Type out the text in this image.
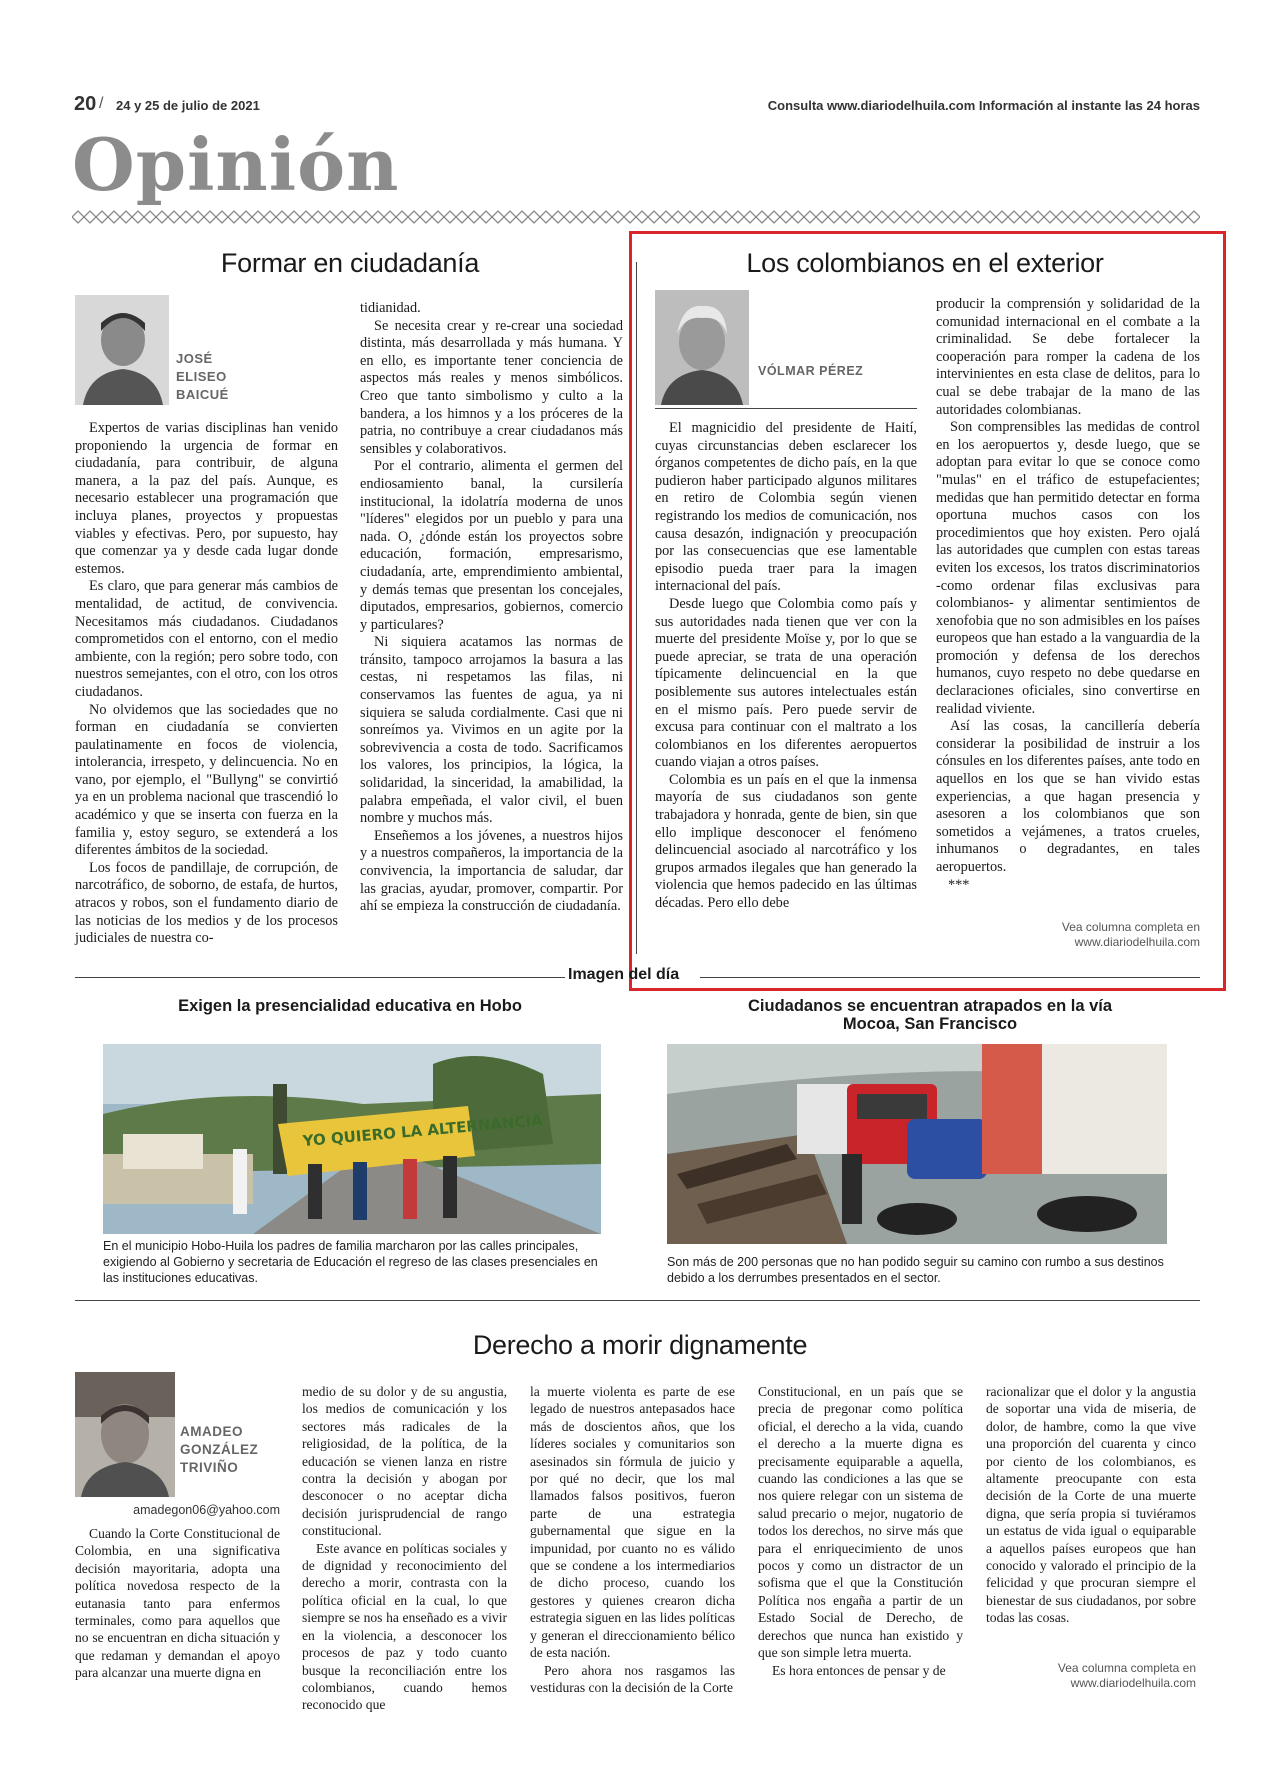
20 / 24 y 25 de julio de 2021	Consulta www.diariodelhuila.com Información al instante las 24 horas
Opinión
Formar en ciudadanía
JOSÉ
ELISEO
BAICUÉ

Expertos de varias disciplinas han venido proponiendo la urgencia de formar en ciudadanía, para contribuir, de alguna manera, a la paz del país. Aunque, es necesario establecer una programación que incluya planes, proyectos y propuestas viables y efectivas. Pero, por supuesto, hay que comenzar ya y desde cada lugar donde estemos.

Es claro, que para generar más cambios de mentalidad, de actitud, de convivencia. Necesitamos más ciudadanos. Ciudadanos comprometidos con el entorno, con el medio ambiente, con la región; pero sobre todo, con nuestros semejantes, con el otro, con los otros ciudadanos.

No olvidemos que las sociedades que no forman en ciudadanía se convierten paulatinamente en focos de violencia, intolerancia, irrespeto, y delincuencia. No en vano, por ejemplo, el "Bullyng" se convirtió ya en un problema nacional que trascendió lo académico y que se inserta con fuerza en la familia y, estoy seguro, se extenderá a los diferentes ámbitos de la sociedad.

Los focos de pandillaje, de corrupción, de narcotráfico, de soborno, de estafa, de hurtos, atracos y robos, son el fundamento diario de las noticias de los medios y de los procesos judiciales de nuestra co-

tidianidad.

Se necesita crear y re-crear una sociedad distinta, más desarrollada y más humana. Y en ello, es importante tener conciencia de aspectos más reales y menos simbólicos. Creo que tanto simbolismo y culto a la bandera, a los himnos y a los próceres de la patria, no contribuye a crear ciudadanos más sensibles y colaborativos.

Por el contrario, alimenta el germen del endiosamiento banal, la cursilería institucional, la idolatría moderna de unos "líderes" elegidos por un pueblo y para una nada. O, ¿dónde están los proyectos sobre educación, formación, empresarismo, ciudadanía, arte, emprendimiento ambiental, y demás temas que presentan los concejales, diputados, empresarios, gobiernos, comercio y particulares?

Ni siquiera acatamos las normas de tránsito, tampoco arrojamos la basura a las cestas, ni respetamos las filas, ni conservamos las fuentes de agua, ya ni siquiera se saluda cordialmente. Casi que ni sonreímos ya. Vivimos en un agite por la sobrevivencia a costa de todo. Sacrificamos los valores, los principios, la lógica, la solidaridad, la sinceridad, la amabilidad, la palabra empeñada, el valor civil, el buen nombre y muchos más.

Enseñemos a los jóvenes, a nuestros hijos y a nuestros compañeros, la importancia de la convivencia, la importancia de saludar, dar las gracias, ayudar, promover, compartir. Por ahí se empieza la construcción de ciudadanía.

Los colombianos en el exterior
VÓLMAR PÉREZ

El magnicidio del presidente de Haití, cuyas circunstancias deben esclarecer los órganos competentes de dicho país, en la que pudieron haber participado algunos militares en retiro de Colombia según vienen registrando los medios de comunicación, nos causa desazón, indignación y preocupación por las consecuencias que ese lamentable episodio pueda traer para la imagen internacional del país.

Desde luego que Colombia como país y sus autoridades nada tienen que ver con la muerte del presidente Moïse y, por lo que se puede apreciar, se trata de una operación típicamente delincuencial en la que posiblemente sus autores intelectuales están en el mismo país. Pero puede servir de excusa para continuar con el maltrato a los colombianos en los diferentes aeropuertos cuando viajan a otros países.

Colombia es un país en el que la inmensa mayoría de sus ciudadanos son gente trabajadora y honrada, gente de bien, sin que ello implique desconocer el fenómeno delincuencial asociado al narcotráfico y los grupos armados ilegales que han generado la violencia que hemos padecido en las últimas décadas. Pero ello debe

producir la comprensión y solidaridad de la comunidad internacional en el combate a la criminalidad. Se debe fortalecer la cooperación para romper la cadena de los intervinientes en esta clase de delitos, para lo cual se debe trabajar de la mano de las autoridades colombianas.

Son comprensibles las medidas de control en los aeropuertos y, desde luego, que se adoptan para evitar lo que se conoce como "mulas" en el tráfico de estupefacientes; medidas que han permitido detectar en forma oportuna muchos casos con los procedimientos que hoy existen. Pero ojalá las autoridades que cumplen con estas tareas eviten los excesos, los tratos discriminatorios -como ordenar filas exclusivas para colombianos- y alimentar sentimientos de xenofobia que no son admisibles en los países europeos que han estado a la vanguardia de la promoción y defensa de los derechos humanos, cuyo respeto no debe quedarse en declaraciones oficiales, sino convertirse en realidad viviente.

Así las cosas, la cancillería debería considerar la posibilidad de instruir a los cónsules en los diferentes países, ante todo en aquellos en los que se han vivido estas experiencias, a que hagan presencia y asesoren a los colombianos que son sometidos a vejámenes, a tratos crueles, inhumanos o degradantes, en tales aeropuertos.

***

Vea columna completa en
www.diariodelhuila.com
Imagen del día
Exigen la presencialidad educativa en Hobo	Ciudadanos se encuentran atrapados en la vía
Mocoa, San Francisco
YO QUIERO LA ALTERNANCIA
En el municipio Hobo-Huila los padres de familia marcharon por las calles principales, exigiendo al Gobierno y secretaria de Educación el regreso de las clases presenciales en las instituciones educativas.
Son más de 200 personas que no han podido seguir su camino con rumbo a sus destinos debido a los derrumbes presentados en el sector.
Derecho a morir dignamente
AMADEO
GONZÁLEZ
TRIVIÑO
amadegon06@yahoo.com

Cuando la Corte Constitucional de Colombia, en una significativa decisión mayoritaria, adopta una política novedosa respecto de la eutanasia tanto para enfermos terminales, como para aquellos que no se encuentran en dicha situación y que redaman y demandan el apoyo para alcanzar una muerte digna en

medio de su dolor y de su angustia, los medios de comunicación y los sectores más radicales de la religiosidad, de la política, de la educación se vienen lanza en ristre contra la decisión y abogan por desconocer o no aceptar dicha decisión jurisprudencial de rango constitucional.

Este avance en políticas sociales y de dignidad y reconocimiento del derecho a morir, contrasta con la política oficial en la cual, lo que siempre se nos ha enseñado es a vivir en la violencia, a desconocer los procesos de paz y todo cuanto busque la reconciliación entre los colombianos, cuando hemos reconocido que

la muerte violenta es parte de ese legado de nuestros antepasados hace más de doscientos años, que los líderes sociales y comunitarios son asesinados sin fórmula de juicio y por qué no decir, que los mal llamados falsos positivos, fueron parte de una estrategia gubernamental que sigue en la impunidad, por cuanto no es válido que se condene a los intermediarios de dicho proceso, cuando los gestores y quienes crearon dicha estrategia siguen en las lides políticas y generan el direccionamiento bélico de esta nación.

Pero ahora nos rasgamos las vestiduras con la decisión de la Corte

Constitucional, en un país que se precia de pregonar como política oficial, el derecho a la vida, cuando el derecho a la muerte digna es precisamente equiparable a aquella, cuando las condiciones a las que se nos quiere relegar con un sistema de salud precario o mejor, nugatorio de todos los derechos, no sirve más que para el enriquecimiento de unos pocos y como un distractor de un sofisma que el que la Constitución Política nos engaña a partir de un Estado Social de Derecho, de derechos que nunca han existido y que son simple letra muerta.

Es hora entonces de pensar y de

racionalizar que el dolor y la angustia de soportar una vida de miseria, de dolor, de hambre, como la que vive una proporción del cuarenta y cinco por ciento de los colombianos, es altamente preocupante con esta decisión de la Corte de una muerte digna, que sería propia si tuviéramos un estatus de vida igual o equiparable a aquellos países europeos que han conocido y valorado el principio de la felicidad y que procuran siempre el bienestar de sus ciudadanos, por sobre todas las cosas.

Vea columna completa en
www.diariodelhuila.com
